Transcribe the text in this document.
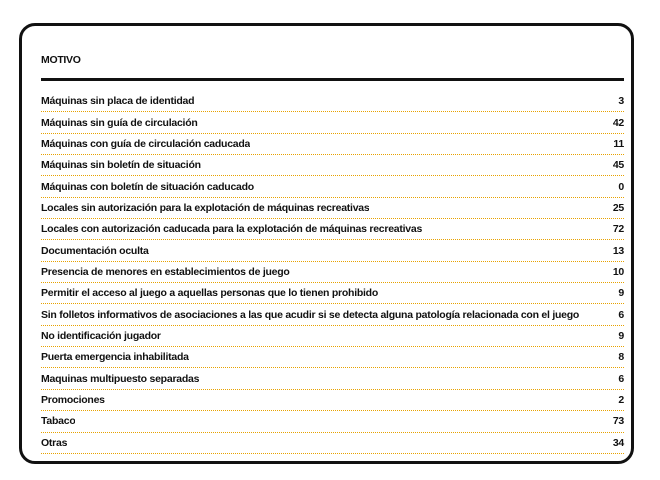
MOTIVO
Máquinas sin placa de identidad	3
Máquinas sin guía de circulación	42
Máquinas con guía de circulación caducada	11
Máquinas sin boletín de situación	45
Máquinas con boletín de situación caducado	0
Locales sin autorización para la explotación de máquinas recreativas	25
Locales con autorización caducada para la explotación de máquinas recreativas	72
Documentación oculta	13
Presencia de menores en establecimientos de juego	10
Permitir el acceso al juego a aquellas personas que lo tienen prohibido	9
Sin folletos informativos de asociaciones a las que acudir si se detecta alguna patología relacionada con el juego	6
No identificación jugador	9
Puerta emergencia inhabilitada	8
Maquinas multipuesto separadas	6
Promociones	2
Tabaco	73
Otras	34
